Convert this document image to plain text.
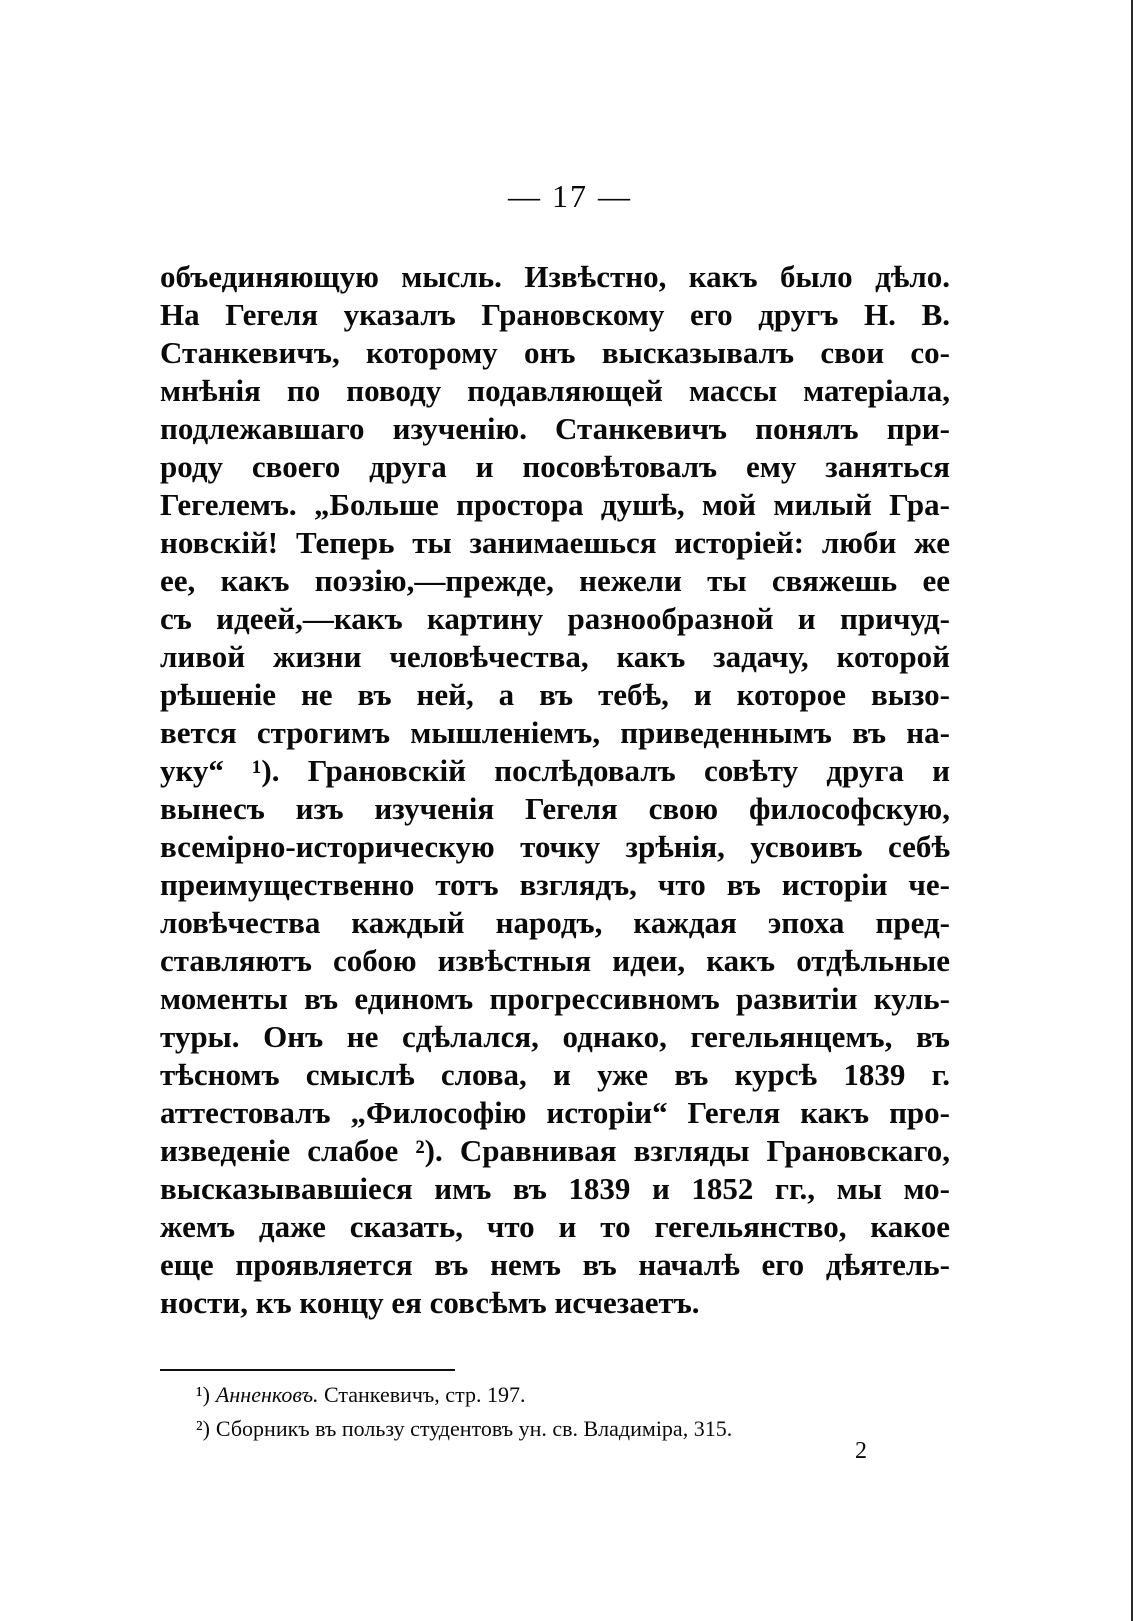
— 17 —
объединяющую мысль. Извѣстно, какъ было дѣло.
На Гегеля указалъ Грановскому его другъ Н. В.
Станкевичъ, которому онъ высказывалъ свои со-
мнѣнія по поводу подавляющей массы матеріала,
подлежавшаго изученію. Станкевичъ понялъ при-
роду своего друга и посовѣтовалъ ему заняться
Гегелемъ. „Больше простора душѣ, мой милый Гра-
новскій! Теперь ты занимаешься исторіей: люби же
ее, какъ поэзію,—прежде, нежели ты свяжешь ее
съ идеей,—какъ картину разнообразной и причуд-
ливой жизни человѣчества, какъ задачу, которой
рѣшеніе не въ ней, а въ тебѣ, и которое вызо-
вется строгимъ мышленіемъ, приведеннымъ въ на-
уку“ ¹). Грановскій послѣдовалъ совѣту друга и
вынесъ изъ изученія Гегеля свою философскую,
всемірно-историческую точку зрѣнія, усвоивъ себѣ
преимущественно тотъ взглядъ, что въ исторіи че-
ловѣчества каждый народъ, каждая эпоха пред-
ставляютъ собою извѣстныя идеи, какъ отдѣльные
моменты въ единомъ прогрессивномъ развитіи куль-
туры. Онъ не сдѣлался, однако, гегельянцемъ, въ
тѣсномъ смыслѣ слова, и уже въ курсѣ 1839 г.
аттестовалъ „Философію исторіи“ Гегеля какъ про-
изведеніе слабое ²). Сравнивая взгляды Грановскаго,
высказывавшіеся имъ въ 1839 и 1852 гг., мы мо-
жемъ даже сказать, что и то гегельянство, какое
еще проявляется въ немъ въ началѣ его дѣятель-
ности, къ концу ея совсѣмъ исчезаетъ.
¹) Анненковъ. Станкевичъ, стр. 197.
²) Сборникъ въ пользу студентовъ ун. св. Владиміра, 315.
2
